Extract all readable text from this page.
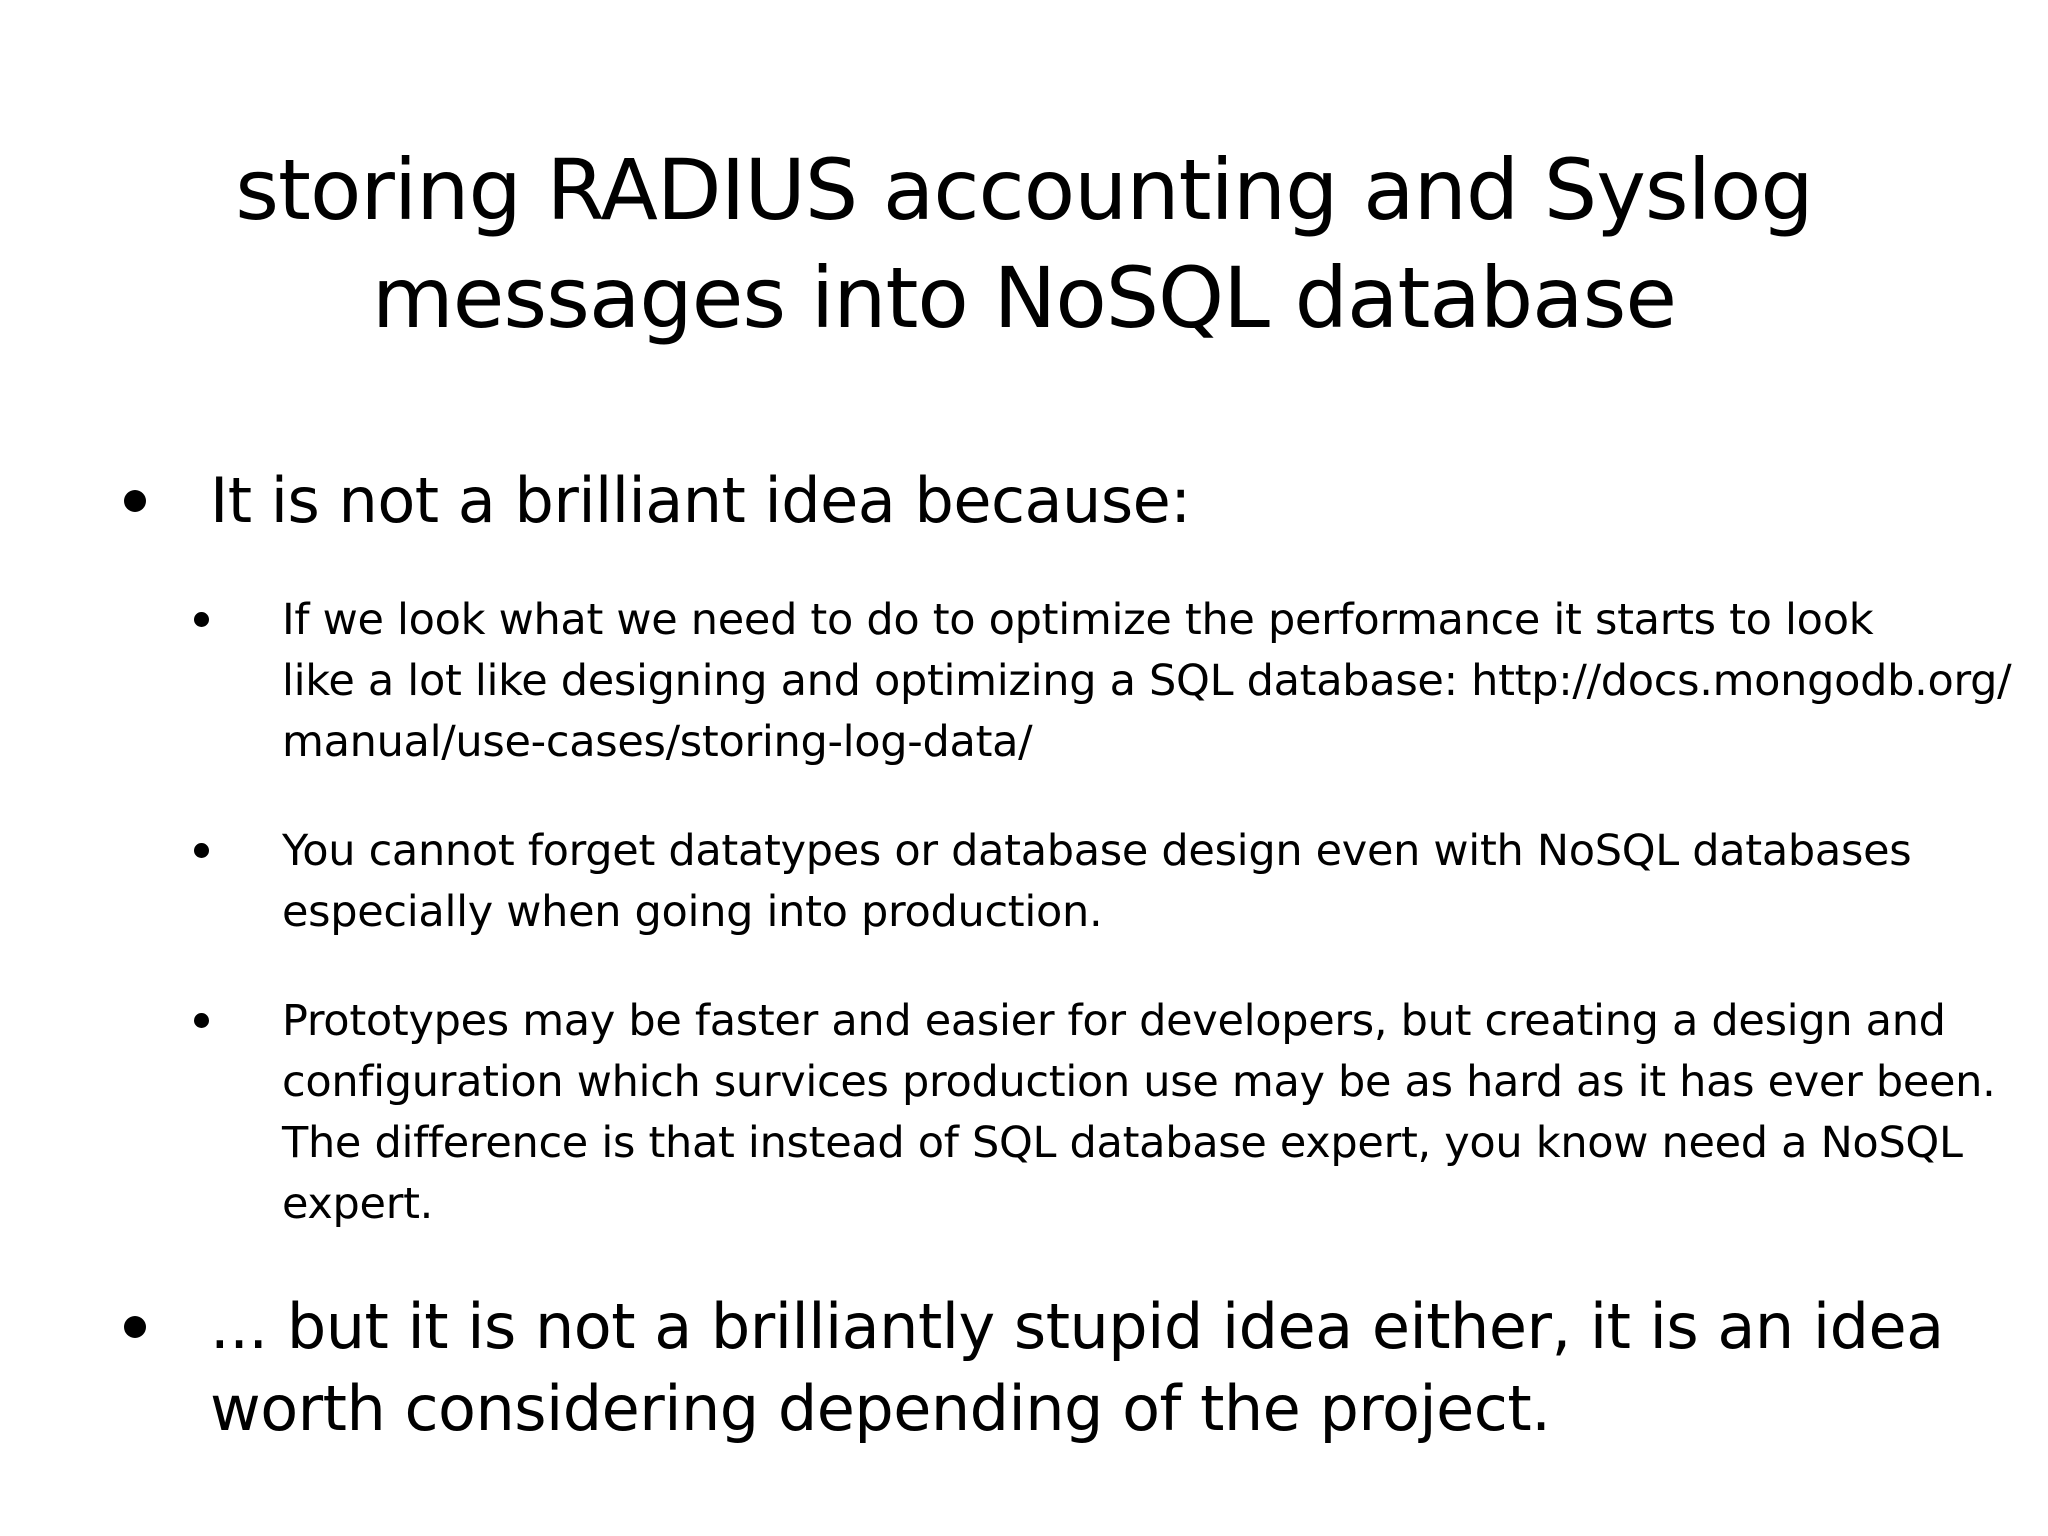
storing RADIUS accounting and Syslog
messages into NoSQL database
It is not a brilliant idea because:
If we look what we need to do to optimize the performance it starts to look
like a lot like designing and optimizing a SQL database: http://docs.mongodb.org/
manual/use-cases/storing-log-data/
You cannot forget datatypes or database design even with NoSQL databases
especially when going into production.
Prototypes may be faster and easier for developers, but creating a design and
configuration which survices production use may be as hard as it has ever been.
The difference is that instead of SQL database expert, you know need a NoSQL
expert.
... but it is not a brilliantly stupid idea either, it is an idea
worth considering depending of the project.
